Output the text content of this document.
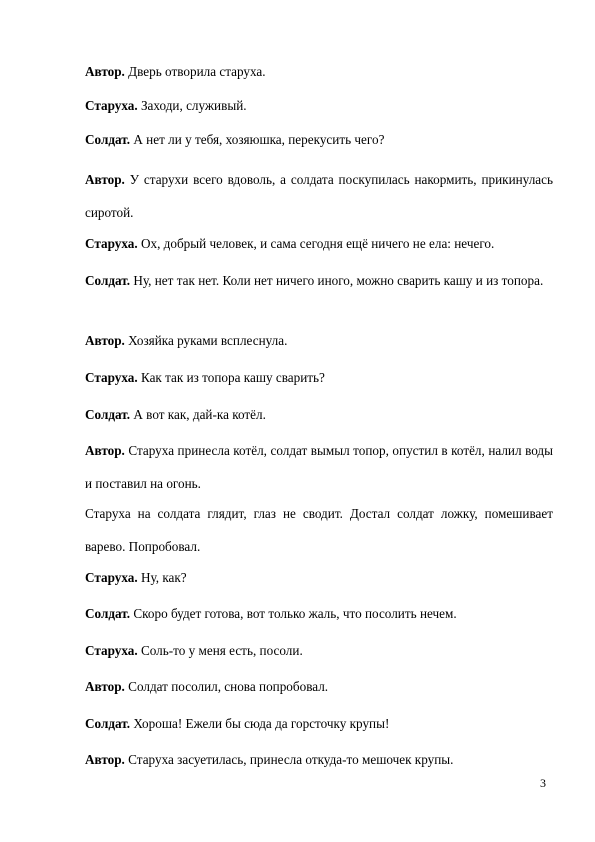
Автор. Дверь отворила старуха.

Старуха. Заходи, служивый.

Солдат. А нет ли у тебя, хозяюшка, перекусить чего?

Автор. У старухи всего вдоволь, а солдата поскупилась накормить, прикинулась сиротой.

Старуха. Ох, добрый человек, и сама сегодня ещё ничего не ела: нечего.

Солдат. Ну, нет так нет. Коли нет ничего иного, можно сварить кашу и из топора.

Автор. Хозяйка руками всплеснула.

Старуха. Как так из топора кашу сварить?

Солдат. А вот как, дай-ка котёл.

Автор. Старуха принесла котёл, солдат вымыл топор, опустил в котёл, налил воды и поставил на огонь.

Старуха на солдата глядит, глаз не сводит. Достал солдат ложку, помешивает варево. Попробовал.

Старуха. Ну, как?

Солдат. Скоро будет готова, вот только жаль, что посолить нечем.

Старуха. Соль-то у меня есть, посоли.

Автор. Солдат посолил, снова попробовал.

Солдат. Хороша! Ежели бы сюда да горсточку крупы!

Автор. Старуха засуетилась, принесла откуда-то мешочек крупы.

3
